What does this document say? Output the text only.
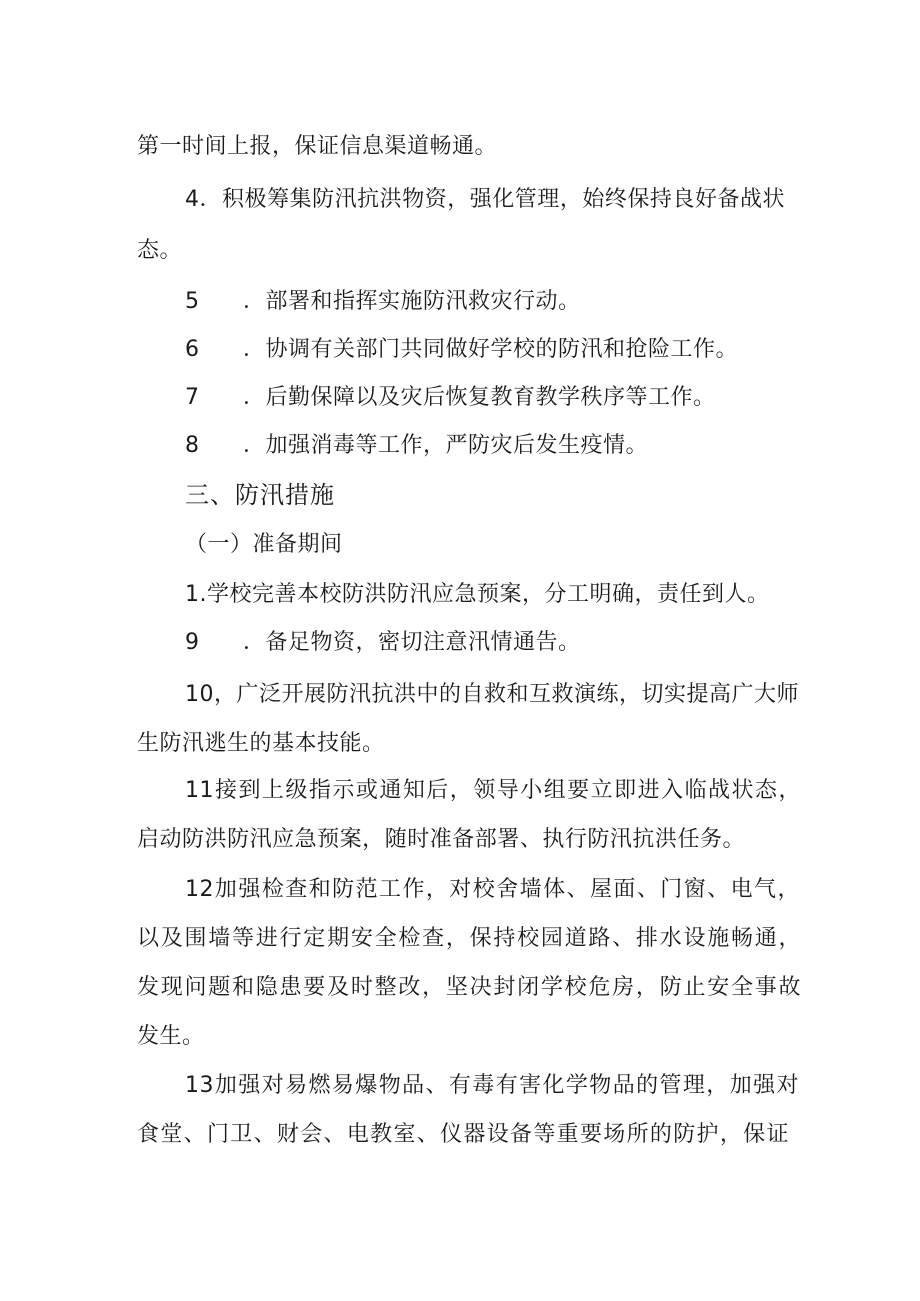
第一时间上报，保证信息渠道畅通。
4．积极筹集防汛抗洪物资，强化管理，始终保持良好备战状
态。
5 ．部署和指挥实施防汛救灾行动。
6 ．协调有关部门共同做好学校的防汛和抢险工作。
7 ．后勤保障以及灾后恢复教育教学秩序等工作。
8 ．加强消毒等工作，严防灾后发生疫情。
三、防汛措施
（一）准备期间
1.学校完善本校防洪防汛应急预案，分工明确，责任到人。
9 ．备足物资，密切注意汛情通告。
10，广泛开展防汛抗洪中的自救和互救演练，切实提高广大师
生防汛逃生的基本技能。
11接到上级指示或通知后，领导小组要立即进入临战状态，
启动防洪防汛应急预案，随时准备部署、执行防汛抗洪任务。
12加强检查和防范工作，对校舍墙体、屋面、门窗、电气，
以及围墙等进行定期安全检查，保持校园道路、排水设施畅通，
发现问题和隐患要及时整改，坚决封闭学校危房，防止安全事故
发生。
13加强对易燃易爆物品、有毒有害化学物品的管理，加强对
食堂、门卫、财会、电教室、仪器设备等重要场所的防护，保证
